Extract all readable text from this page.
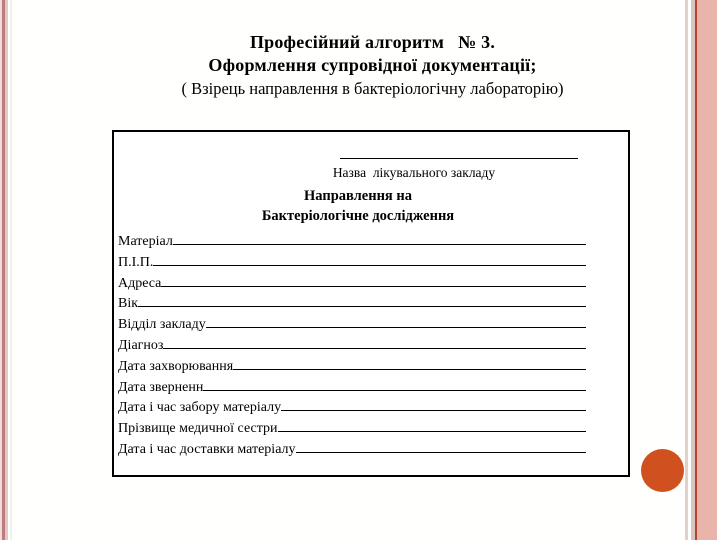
Професійний алгоритм   № 3.
Оформлення супровідної документації;
( Взірець направлення в бактеріологічну лабораторію)
Назва  лікувального закладу
Направлення на
Бактеріологічне дослідження
Матеріал
П.І.П.
Адреса
Вік
Відділ закладу
Діагноз
Дата захворювання
Дата зверненн
Дата і час забору матеріалу
Прізвище медичної сестри
Дата і час доставки матеріалу
